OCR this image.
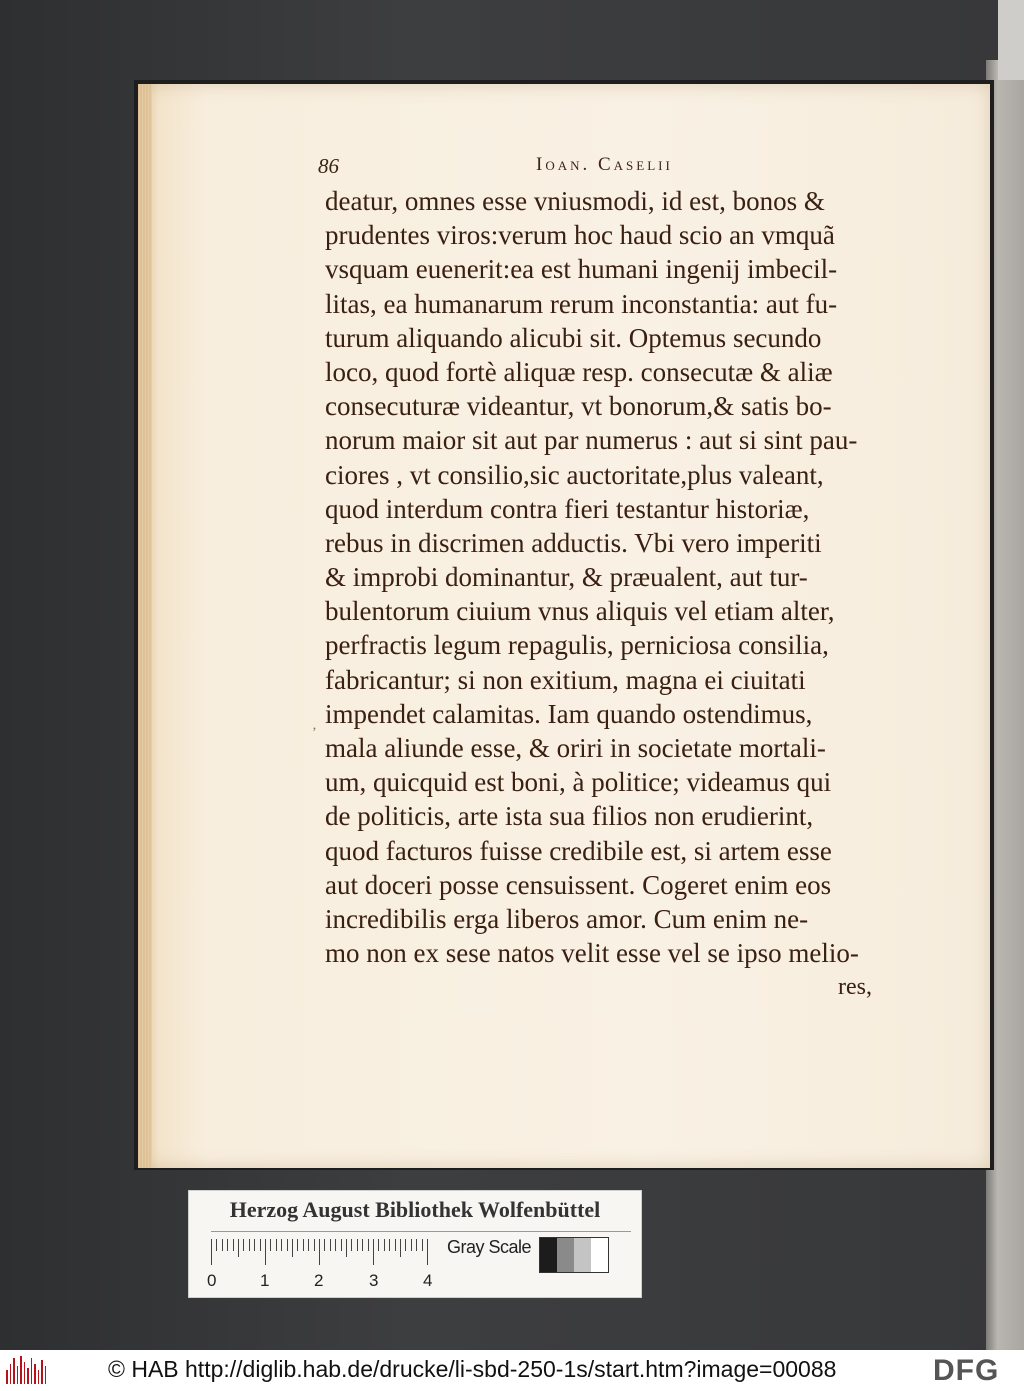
86	Ioan. Caselii
‚
deatur, omnes esse vniusmodi, id est, bonos &
prudentes viros:verum hoc haud scio an vmquã
vsquam euenerit:ea est humani ingenij imbecil-
litas, ea humanarum rerum inconstantia: aut fu-
turum aliquando alicubi sit. Optemus secundo
loco, quod fortè aliquæ resp. consecutæ & aliæ
consecuturæ videantur, vt bonorum,& satis bo-
norum maior sit aut par numerus : aut si sint pau-
ciores , vt consilio,sic auctoritate,plus valeant,
quod interdum contra fieri testantur historiæ,
rebus in discrimen adductis. Vbi vero imperiti
& improbi dominantur, & præualent, aut tur-
bulentorum ciuium vnus aliquis vel etiam alter,
perfractis legum repagulis, perniciosa consilia,
fabricantur; si non exitium, magna ei ciuitati
impendet calamitas. Iam quando ostendimus,
mala aliunde esse, & oriri in societate mortali-
um, quicquid est boni, à politice; videamus qui
de politicis, arte ista sua filios non erudierint,
quod facturos fuisse credibile est, si artem esse
aut doceri posse censuissent. Cogeret enim eos
incredibilis erga liberos amor. Cum enim ne-
mo non ex sese natos velit esse vel se ipso melio-
res,
Herzog August Bibliothek Wolfenbüttel
0	1	2	3	4
Gray Scale
© HAB http://diglib.hab.de/drucke/li-sbd-250-1s/start.htm?image=00088	DFG
